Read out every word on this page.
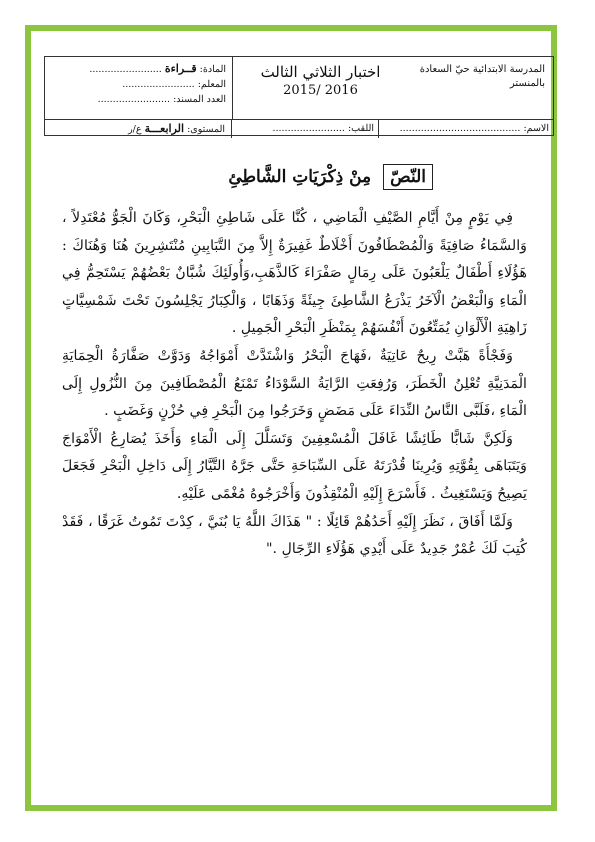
المدرسة الابتدائية حيّ السعادة بالمنستر
اختبار الثلاثي الثالث
2015/ 2016
المادة: قــراءة ........................
المعلم: ........................
العدد المسند: ........................
الاسم: ........................................
اللقب: ........................
المستوى: الرابعـــة ع/ر
النّصّ
مِنْ ذِكْرَيَاتِ الشَّاطِئِ

فِي يَوْمٍ مِنْ أَيَّامِ الصَّيْفِ الْمَاضِي ، كُنَّا عَلَى شَاطِئِ الْبَحْرِ، وَكَانَ الْجَوُّ مُعْتَدِلاً ، وَالسَّمَاءُ صَافِيَةً وَالْمُصْطَافُونَ أَخْلَاطٌ غَفِيرَةٌ إِلاَّ مِنَ التَّبَابِينِ مُنْتَشِرِينَ هُنَا وَهُنَاكَ : هَؤُلَاءِ أَطْفَالٌ يَلْعَبُونَ عَلَى رِمَالٍ صَفْرَاءَ كَالذَّهَبِ،وَأُولَئِكَ شُبَّانٌ بَعْضُهُمْ يَسْتَحِمُّ فِي الْمَاءِ وَالْبَعْضُ الْآخَرُ يَذْرَعُ الشَّاطِئَ جِيئَةً وَذَهَابًا ، وَالْكِبَارُ يَجْلِسُونَ تَحْتَ شَمْسِيَّاتٍ زَاهِيَةِ الْأَلْوَانِ يُمَتِّعُونَ أَنْفُسَهُمْ بِمَنْظَرِ الْبَحْرِ الْجَمِيلِ .

وَفَجْأَةً هَبَّتْ رِيحٌ عَاتِيَةٌ ،فَهَاجَ الْبَحْرُ وَاشْتَدَّتْ أَمْوَاجُهُ وَدَوَّتْ صَفَّارَةُ الْحِمَايَةِ الْمَدَنِيَّةِ تُعْلِنُ الْخَطَرَ، وَرُفِعَتِ الرَّايَةُ السَّوْدَاءُ تَمْنَعُ الْمُصْطَافِينَ مِنَ النُّزُولِ إِلَى الْمَاءِ ،فَلَبَّى النَّاسُ النِّدَاءَ عَلَى مَضَضٍ وَخَرَجُوا مِنَ الْبَحْرِ فِي حُزْنٍ وَغَضَبٍ .

وَلَكِنَّ شَابًّا طَائِشًا غَافَلَ الْمُسْعِفِينَ وَتَسَلَّلَ إِلَى الْمَاءِ وَأَخَذَ يُصَارِعُ الْأَمْوَاجَ وَيَتَبَاهَى بِقُوَّتِهِ وَيُرِينَا قُدْرَتَهُ عَلَى السِّبَاحَةِ حَتَّى جَرَّهُ التَّيَّارُ إِلَى دَاخِلِ الْبَحْرِ فَجَعَلَ يَصِيحُ وَيَسْتَغِيثُ . فَأَسْرَعَ إِلَيْهِ الْمُنْقِذُونَ وَأَخْرَجُوهُ مُغْمًى عَلَيْهِ.

وَلَمَّا أَفَاقَ ، نَظَرَ إِلَيْهِ أَحَدُهُمْ قَائِلًا : " هَذَاكَ اللَّهُ يَا بُنَيَّ ، كِدْتَ تَمُوتُ غَرَقًا ، فَقَدْ كُتِبَ لَكَ عُمْرٌ جَدِيدٌ عَلَى أَيْدِي هَؤُلَاءِ الرِّجَالِ ."
